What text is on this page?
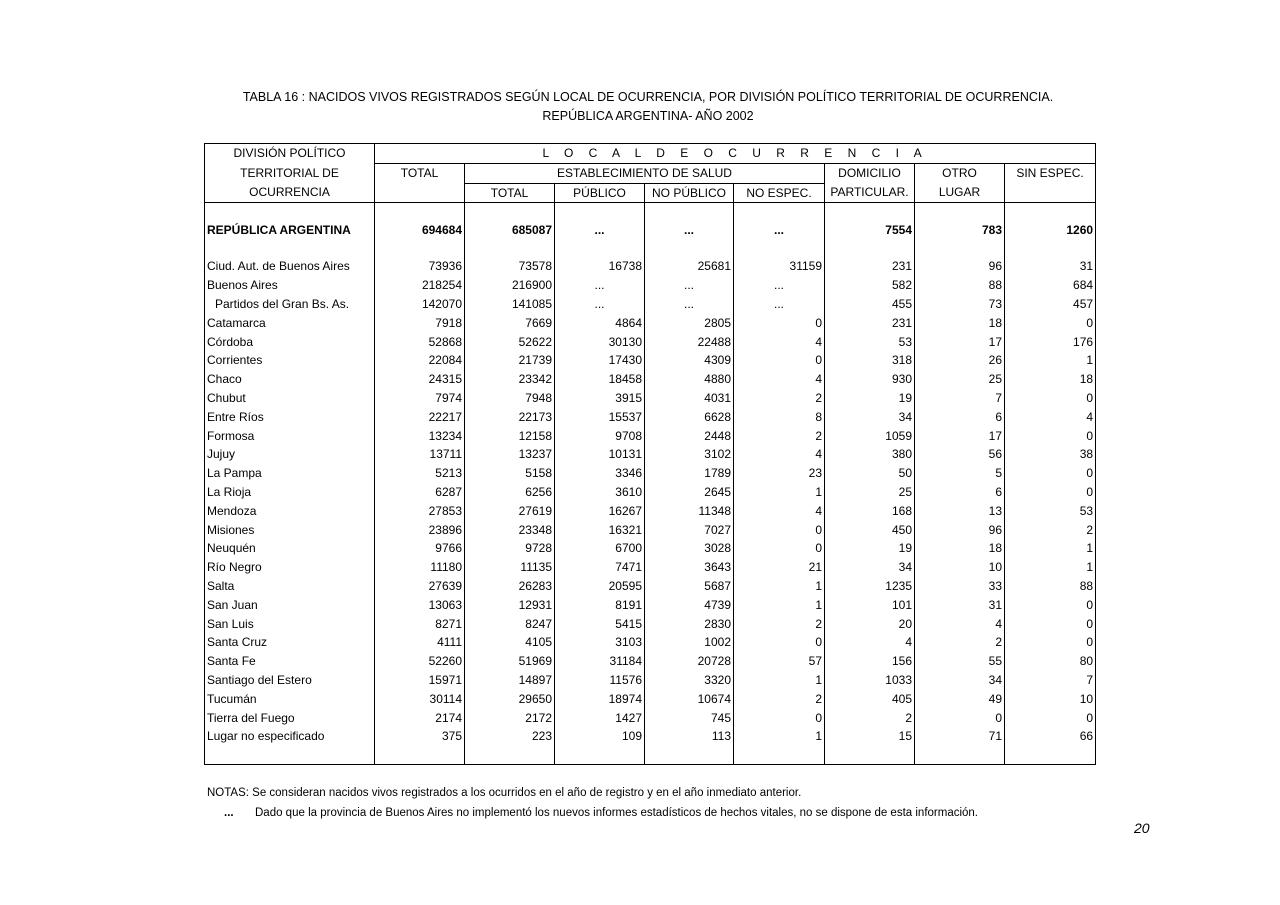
TABLA 16 : NACIDOS VIVOS REGISTRADOS SEGÚN LOCAL DE OCURRENCIA, POR DIVISIÓN POLÍTICO TERRITORIAL DE OCURRENCIA.
REPÚBLICA ARGENTINA- AÑO 2002
DIVISIÓN POLÍTICO	L O C A L D E O C U R R E N C I A							
TERRITORIAL DE	TOTAL	ESTABLECIMIENTO DE SALUD				DOMICILIO	OTRO	SIN ESPEC.
OCURRENCIA		TOTAL	PÚBLICO	NO PÚBLICO	NO ESPEC.	PARTICULAR.	LUGAR	

REPÚBLICA ARGENTINA	694684	685087	...	...	...	7554	783	1260

Ciud. Aut. de Buenos Aires	73936	73578	16738	25681	31159	231	96	31
Buenos Aires	218254	216900	...	...	...	582	88	684
Partidos del Gran Bs. As.	142070	141085	...	...	...	455	73	457
Catamarca	7918	7669	4864	2805	0	231	18	0
Córdoba	52868	52622	30130	22488	4	53	17	176
Corrientes	22084	21739	17430	4309	0	318	26	1
Chaco	24315	23342	18458	4880	4	930	25	18
Chubut	7974	7948	3915	4031	2	19	7	0
Entre Ríos	22217	22173	15537	6628	8	34	6	4
Formosa	13234	12158	9708	2448	2	1059	17	0
Jujuy	13711	13237	10131	3102	4	380	56	38
La Pampa	5213	5158	3346	1789	23	50	5	0
La Rioja	6287	6256	3610	2645	1	25	6	0
Mendoza	27853	27619	16267	11348	4	168	13	53
Misiones	23896	23348	16321	7027	0	450	96	2
Neuquén	9766	9728	6700	3028	0	19	18	1
Río Negro	11180	11135	7471	3643	21	34	10	1
Salta	27639	26283	20595	5687	1	1235	33	88
San Juan	13063	12931	8191	4739	1	101	31	0
San Luis	8271	8247	5415	2830	2	20	4	0
Santa Cruz	4111	4105	3103	1002	0	4	2	0
Santa Fe	52260	51969	31184	20728	57	156	55	80
Santiago del Estero	15971	14897	11576	3320	1	1033	34	7
Tucumán	30114	29650	18974	10674	2	405	49	10
Tierra del Fuego	2174	2172	1427	745	0	2	0	0
Lugar no especificado	375	223	109	113	1	15	71	66

NOTAS: Se consideran nacidos vivos registrados a los ocurridos en el año de registro y en el año inmediato anterior.
... Dado que la provincia de Buenos Aires no implementó los nuevos informes estadísticos de hechos vitales, no se dispone de esta información.
20
